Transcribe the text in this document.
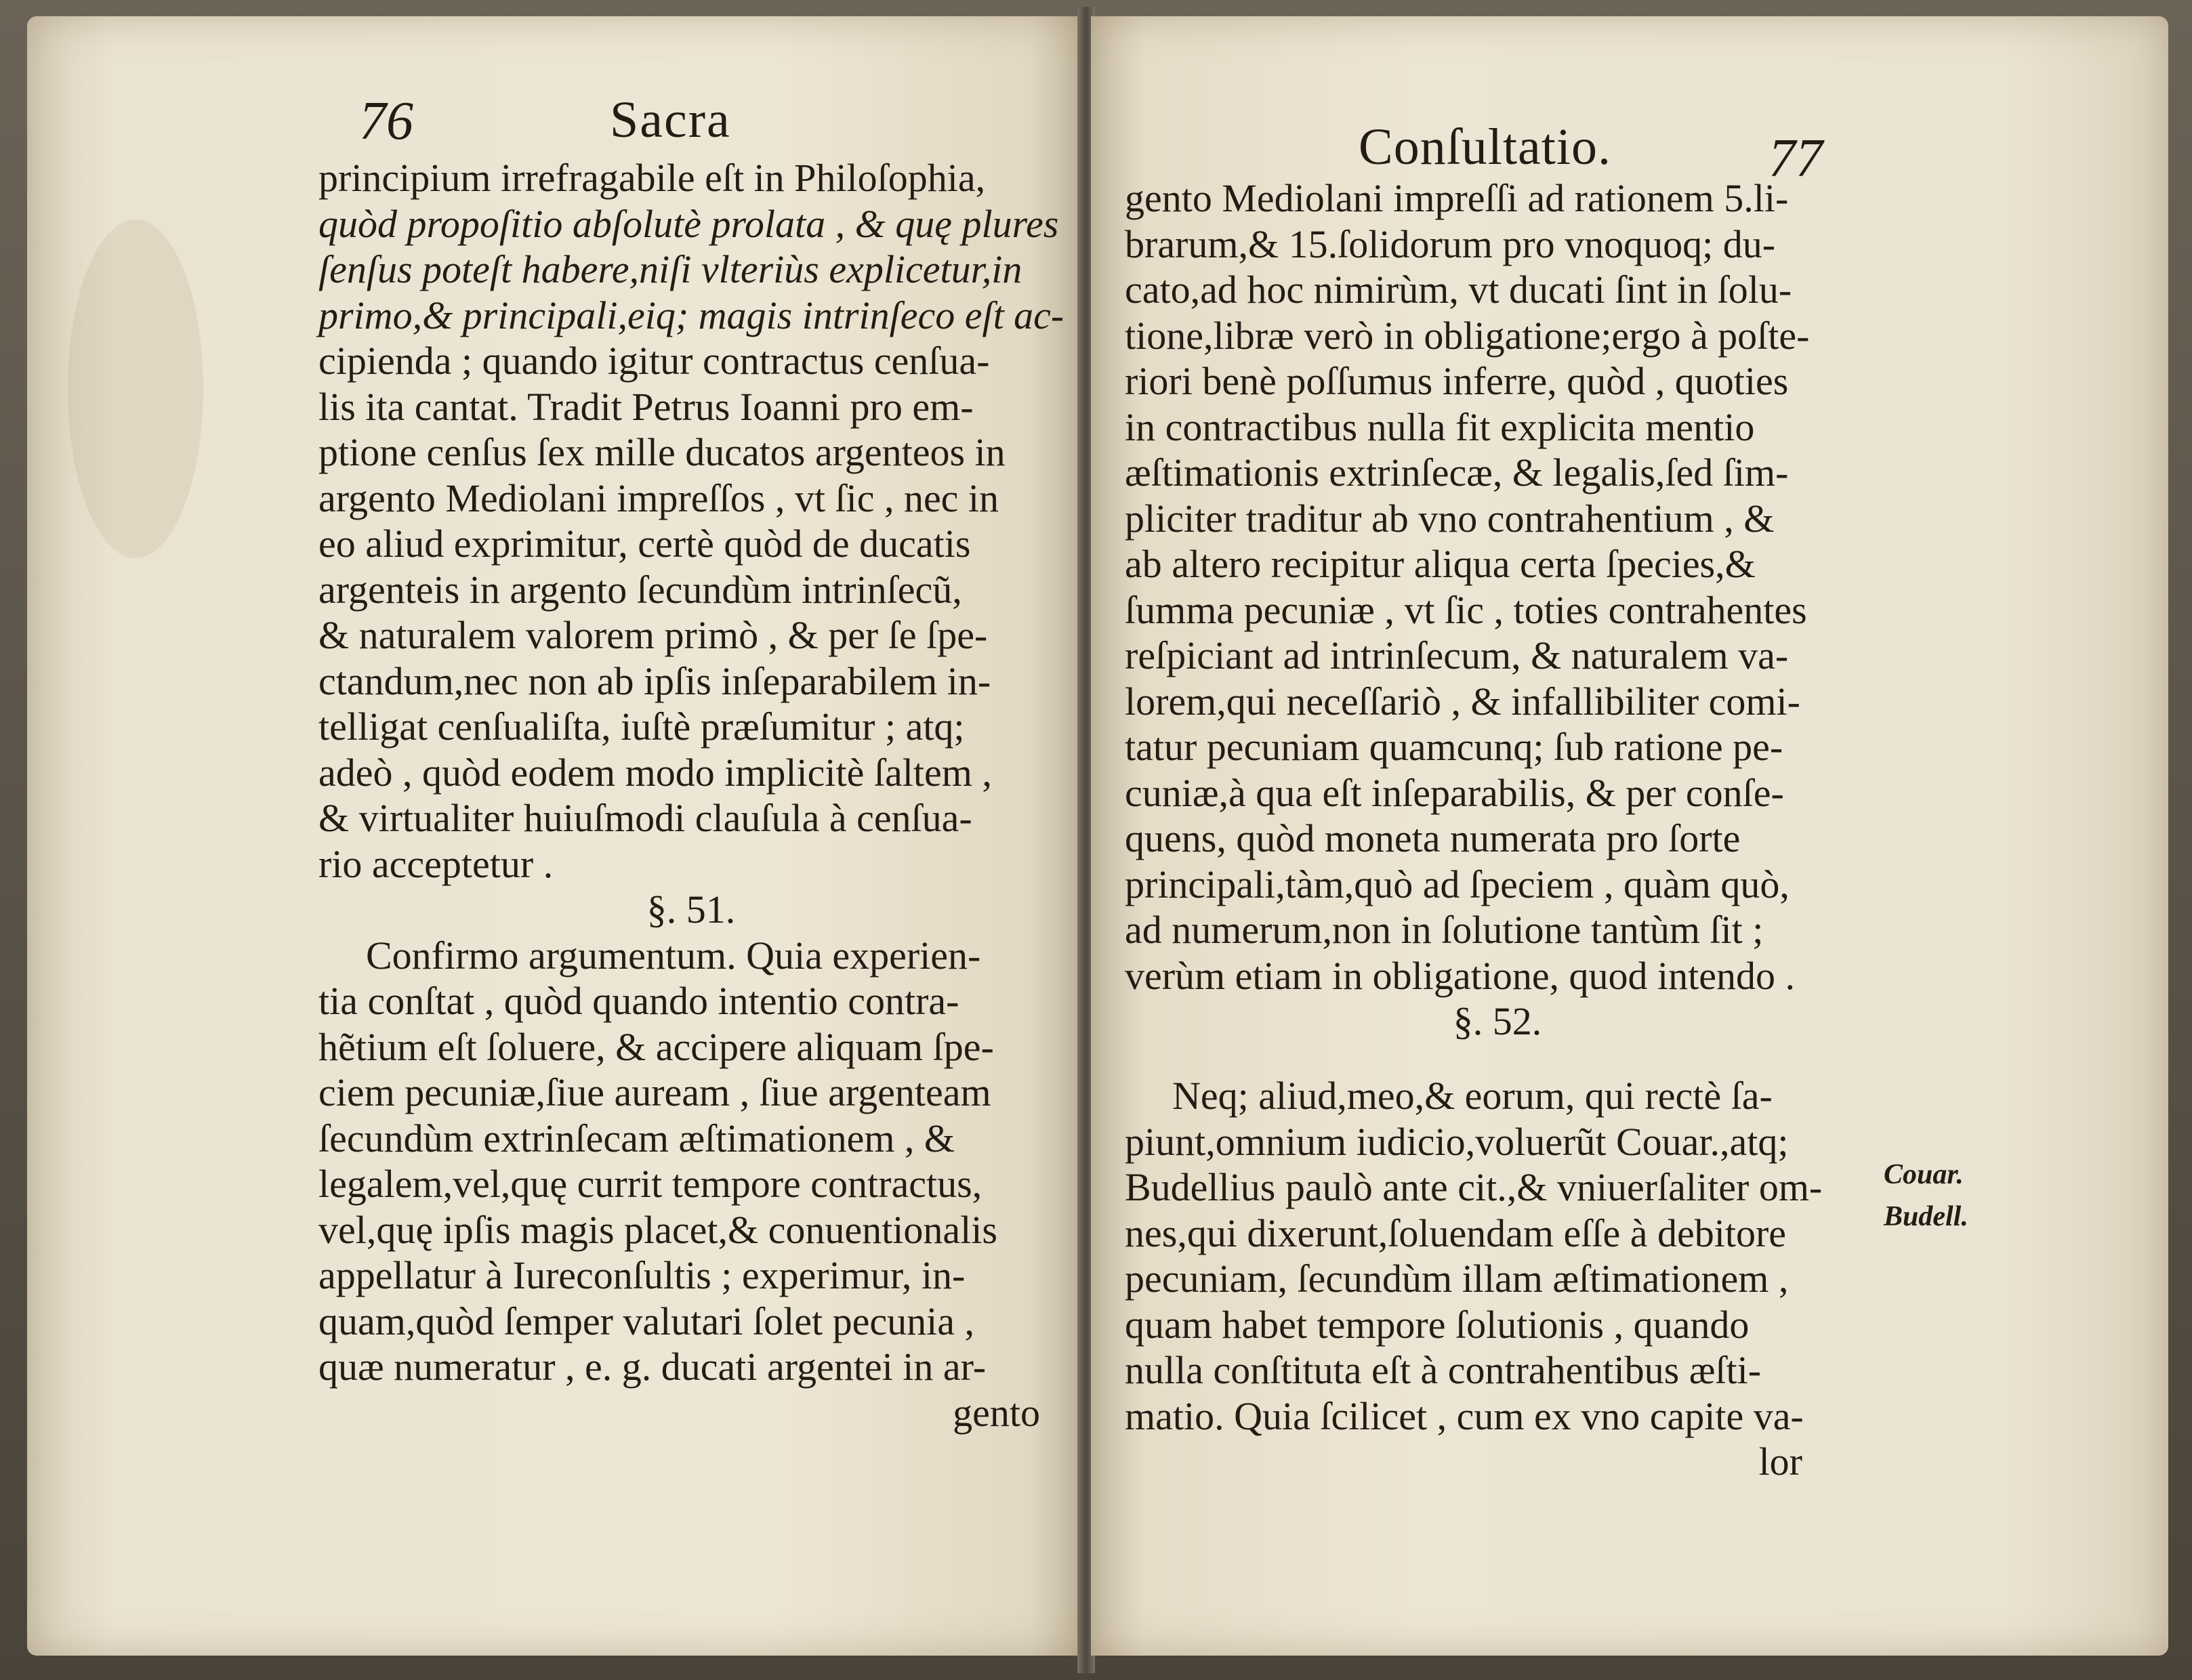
76	Sacra
principium irrefragabile eſt in Philoſophia,
quòd propoſitio abſolutè prolata , & quę plures
ſenſus poteſt habere,niſi vlteriùs explicetur,in
primo,& principali,eiq; magis intrinſeco eſt ac-
cipienda ; quando igitur contractus cenſua-
lis ita cantat. Tradit Petrus Ioanni pro em-
ptione cenſus ſex mille ducatos argenteos in
argento Mediolani impreſſos , vt ſic , nec in
eo aliud exprimitur, certè quòd de ducatis
argenteis in argento ſecundùm intrinſecũ,
& naturalem valorem primò , & per ſe ſpe-
ctandum,nec non ab ipſis inſeparabilem in-
telligat cenſualiſta, iuſtè præſumitur ; atq;
adeò , quòd eodem modo implicitè ſaltem ,
& virtualiter huiuſmodi clauſula à cenſua-
rio acceptetur .
§. 51.
Confirmo argumentum. Quia experien-
tia conſtat , quòd quando intentio contra-
hẽtium eſt ſoluere, & accipere aliquam ſpe-
ciem pecuniæ,ſiue auream , ſiue argenteam
ſecundùm extrinſecam æſtimationem , &
legalem,vel,quę currit tempore contractus,
vel,quę ipſis magis placet,& conuentionalis
appellatur à Iureconſultis ; experimur, in-
quam,quòd ſemper valutari ſolet pecunia ,
quæ numeratur , e. g. ducati argentei in ar-
gento
Conſultatio.	77
gento Mediolani impreſſi ad rationem 5.li-
brarum,& 15.ſolidorum pro vnoquoq; du-
cato,ad hoc nimirùm, vt ducati ſint in ſolu-
tione,libræ verò in obligatione;ergo à poſte-
riori benè poſſumus inferre, quòd , quoties
in contractibus nulla fit explicita mentio
æſtimationis extrinſecæ, & legalis,ſed ſim-
pliciter traditur ab vno contrahentium , &
ab altero recipitur aliqua certa ſpecies,&
ſumma pecuniæ , vt ſic , toties contrahentes
reſpiciant ad intrinſecum, & naturalem va-
lorem,qui neceſſariò , & infallibiliter comi-
tatur pecuniam quamcunq; ſub ratione pe-
cuniæ,à qua eſt inſeparabilis, & per conſe-
quens, quòd moneta numerata pro ſorte
principali,tàm,quò ad ſpeciem , quàm quò,
ad numerum,non in ſolutione tantùm ſit ;
verùm etiam in obligatione, quod intendo .
§. 52.
Neq; aliud,meo,& eorum, qui rectè ſa-
piunt,omnium iudicio,voluerũt Couar.,atq;
Budellius paulò ante cit.,& vniuerſaliter om-
nes,qui dixerunt,ſoluendam eſſe à debitore
pecuniam, ſecundùm illam æſtimationem ,
quam habet tempore ſolutionis , quando
nulla conſtituta eſt à contrahentibus æſti-
matio. Quia ſcilicet , cum ex vno capite va-
lor
Couar.
Budell.
